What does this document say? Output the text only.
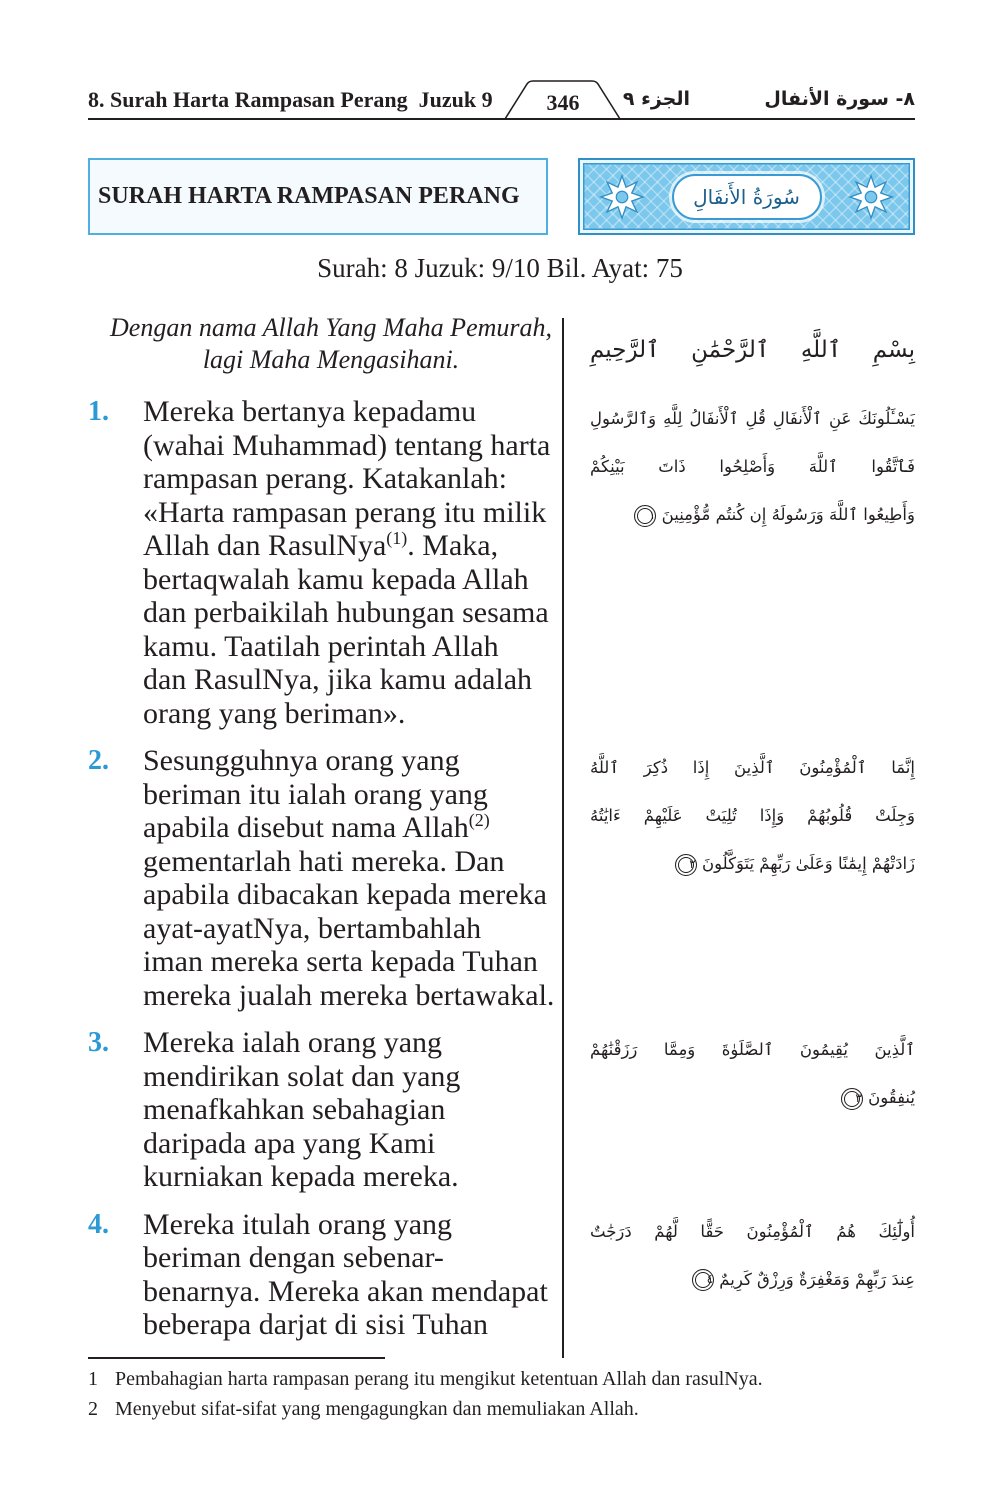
8. Surah Harta Rampasan Perang Juzuk 9	346	الجزء ٩	٨- سورة الأنفال
SURAH HARTA RAMPASAN PERANG	سُورَةُ الأَنفَالِ
Surah: 8 Juzuk: 9/10 Bil. Ayat: 75
Dengan nama Allah Yang Maha Pemurah,
lagi Maha Mengasihani.	بِسْمِ ٱللَّهِ ٱلرَّحْمَٰنِ ٱلرَّحِيمِ
1.	Mereka bertanya kepadamu
(wahai Muhammad) tentang harta
rampasan perang. Katakanlah:
«Harta rampasan perang itu milik
Allah dan RasulNya$^{(1)}$. Maka,
bertaqwalah kamu kepada Allah
dan perbaikilah hubungan sesama
kamu. Taatilah perintah Allah
dan RasulNya, jika kamu adalah
orang yang beriman».
يَسْـَٔلُونَكَ عَنِ ٱلْأَنفَالِ قُلِ ٱلْأَنفَالُ لِلَّهِ وَٱلرَّسُولِ
فَٱتَّقُوا ٱللَّهَ وَأَصْلِحُوا ذَاتَ بَيْنِكُمْ
وَأَطِيعُوا ٱللَّهَ وَرَسُولَهُ إِن كُنتُم مُّؤْمِنِينَ ١
2.	Sesungguhnya orang yang
beriman itu ialah orang yang
apabila disebut nama Allah$^{(2)}$
gementarlah hati mereka. Dan
apabila dibacakan kepada mereka
ayat-ayatNya, bertambahlah
iman mereka serta kepada Tuhan
mereka jualah mereka bertawakal.
إِنَّمَا ٱلْمُؤْمِنُونَ ٱلَّذِينَ إِذَا ذُكِرَ ٱللَّهُ
وَجِلَتْ قُلُوبُهُمْ وَإِذَا تُلِيَتْ عَلَيْهِمْ ءَايَٰتُهُ
زَادَتْهُمْ إِيمَٰنًا وَعَلَىٰ رَبِّهِمْ يَتَوَكَّلُونَ ٢
3.	Mereka ialah orang yang
mendirikan solat dan yang
menafkahkan sebahagian
daripada apa yang Kami
kurniakan kepada mereka.
ٱلَّذِينَ يُقِيمُونَ ٱلصَّلَوٰةَ وَمِمَّا رَزَقْنَٰهُمْ
يُنفِقُونَ ٣
4.	Mereka itulah orang yang
beriman dengan sebenar-
benarnya. Mereka akan mendapat
beberapa darjat di sisi Tuhan
أُولَٰٓئِكَ هُمُ ٱلْمُؤْمِنُونَ حَقًّا لَّهُمْ دَرَجَٰتٌ
عِندَ رَبِّهِمْ وَمَغْفِرَةٌ وَرِزْقٌ كَرِيمٌ ٤
1 Pembahagian harta rampasan perang itu mengikut ketentuan Allah dan rasulNya.
2 Menyebut sifat-sifat yang mengagungkan dan memuliakan Allah.
